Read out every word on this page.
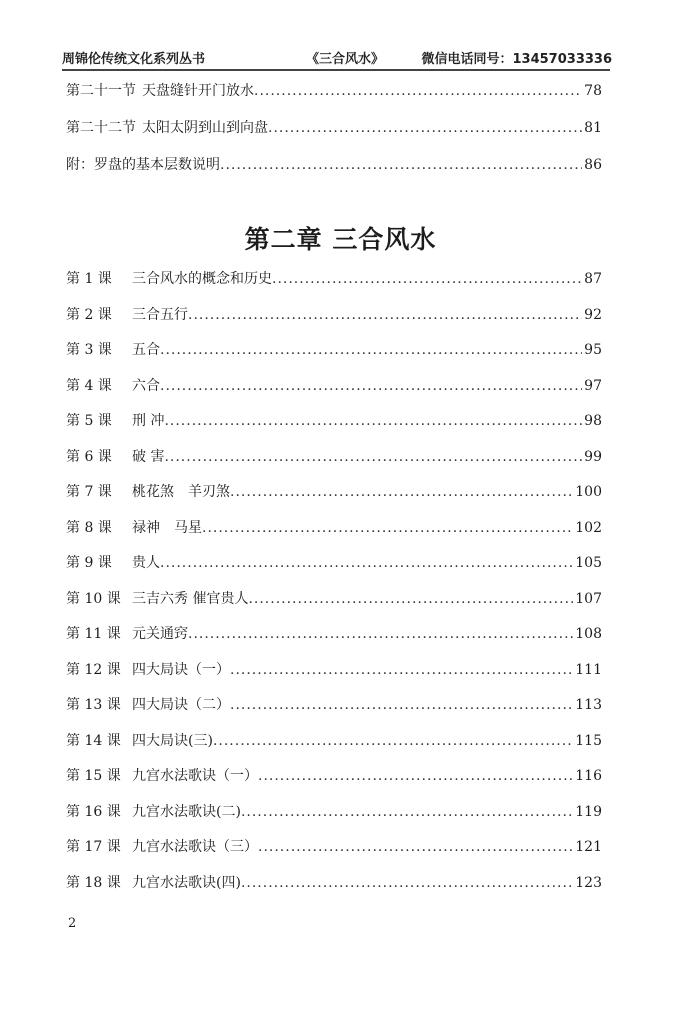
周锦伦传统文化系列丛书	《三合风水》	微信电话同号：13457033336
第二十一节 天盘缝针开门放水 .....	78
第二十二节 太阳太阴到山到向盘 .....	81
附： 罗盘的基本层数说明 .....	86
第二章 三合风水
第 1 课	三合风水的概念和历史 .....	87
第 2 课	三合五行 .....	92
第 3 课	五合 .....	95
第 4 课	六合 .....	97
第 5 课	刑 冲 .....	98
第 6 课	破 害 .....	99
第 7 课	桃花煞　羊刃煞 .....	100
第 8 课	禄神　马星 .....	102
第 9 课	贵人 .....	105
第 10 课 三吉六秀 催官贵人 .....	107
第 11 课 元关通窍 .....	108
第 12 课 四大局诀（一） .....	111
第 13 课 四大局诀（二） .....	113
第 14 课 四大局诀(三) .....	115
第 15 课 九宫水法歌诀（一） .....	116
第 16 课 九宫水法歌诀(二) .....	119
第 17 课 九宫水法歌诀（三） .....	121
第 18 课 九宫水法歌诀(四) .....	123
2
